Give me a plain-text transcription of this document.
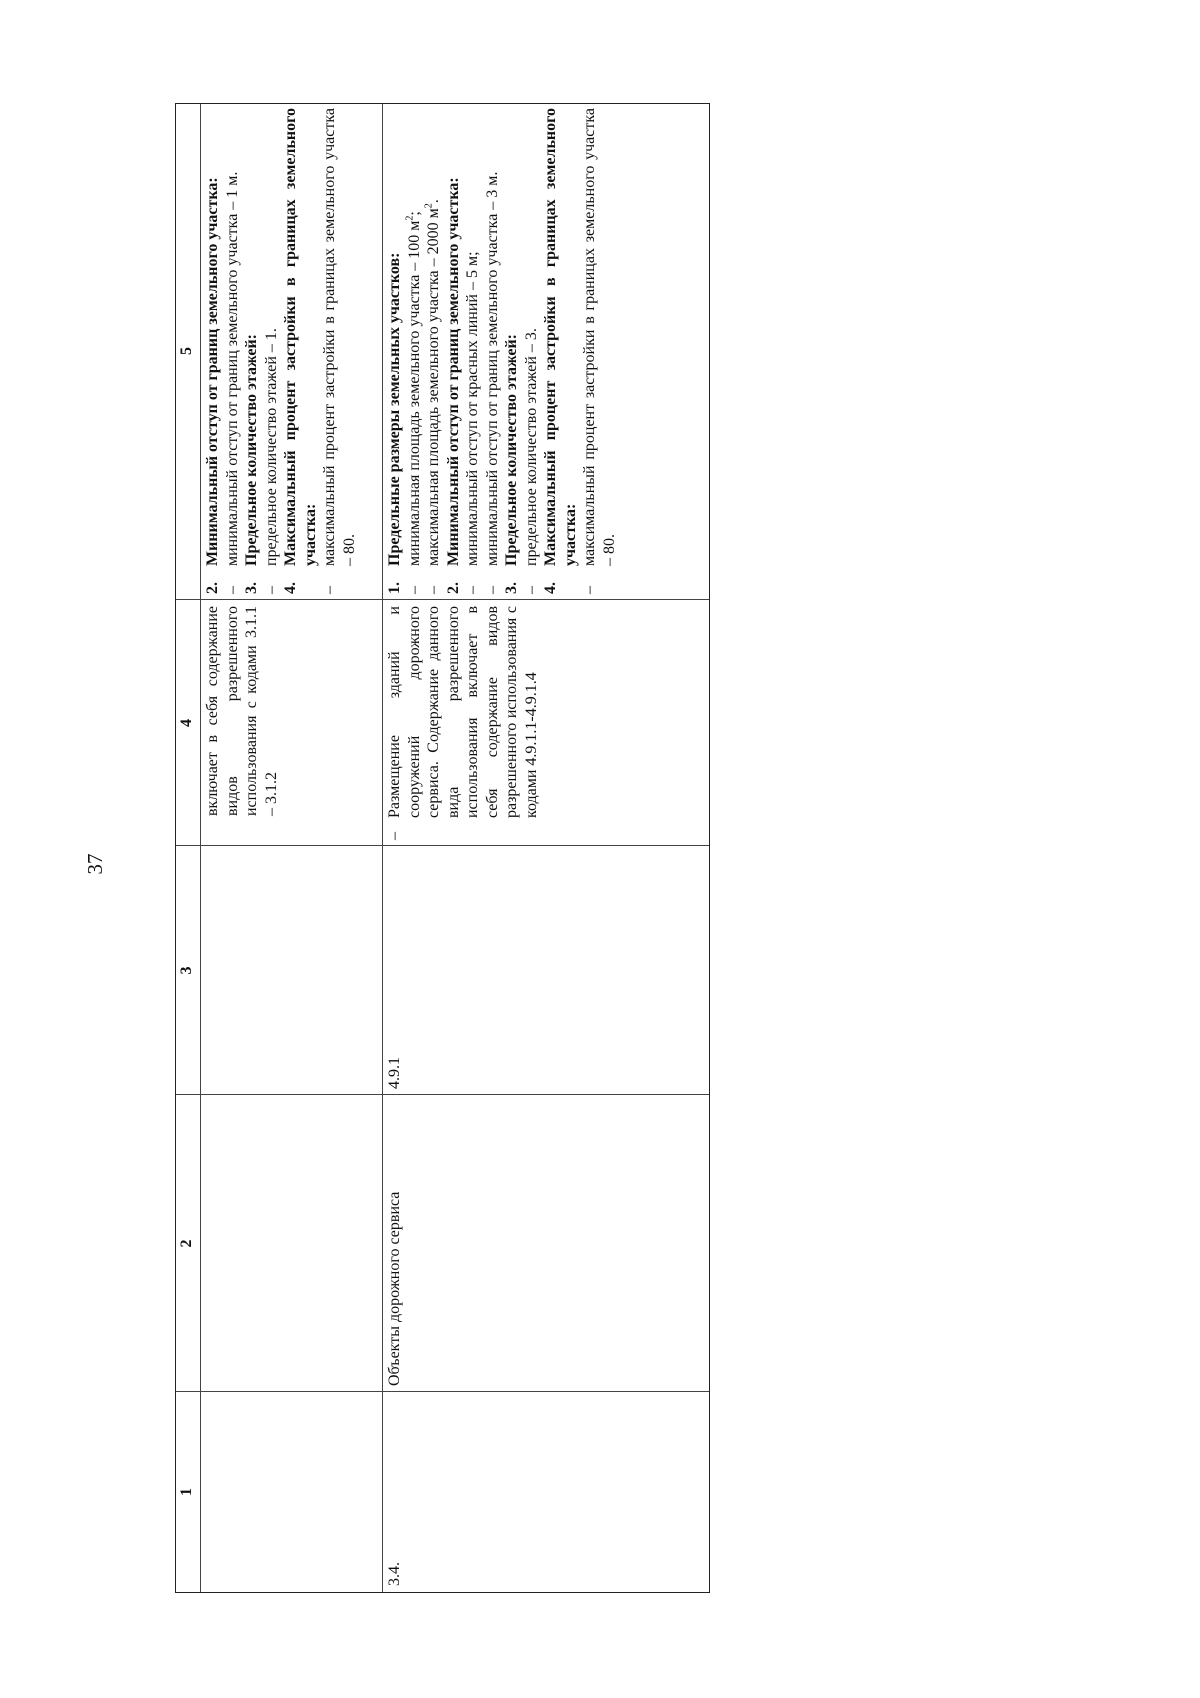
37
1
2
3
4
5
включает в себя содержание видов разрешенного использования с кодами 3.1.1 – 3.1.2
2.
Минимальный отступ от границ земельного участка:
–
минимальный отступ от границ земельного участка – 1 м.
3.
Предельное количество этажей:
–
предельное количество этажей – 1.
4.
Максимальный процент застройки в границах земельного участка:
–
максимальный процент застройки в границах земельного участка – 80.
3.4.
Объекты дорожного сервиса
4.9.1
–
Размещение зданий и сооружений дорожного сервиса. Содержание данного вида разрешенного использования включает в себя содержание видов разрешенного использования с кодами 4.9.1.1-4.9.1.4
1.
Предельные размеры земельных участков:
–
минимальная площадь земельного участка – 100 $м^2$;
–
максимальная площадь земельного участка – 2000 $м^2$.
2.
Минимальный отступ от границ земельного участка:
–
минимальный отступ от красных линий – 5 м;
–
минимальный отступ от границ земельного участка – 3 м.
3.
Предельное количество этажей:
–
предельное количество этажей – 3.
4.
Максимальный процент застройки в границах земельного участка:
–
максимальный процент застройки в границах земельного участка – 80.
